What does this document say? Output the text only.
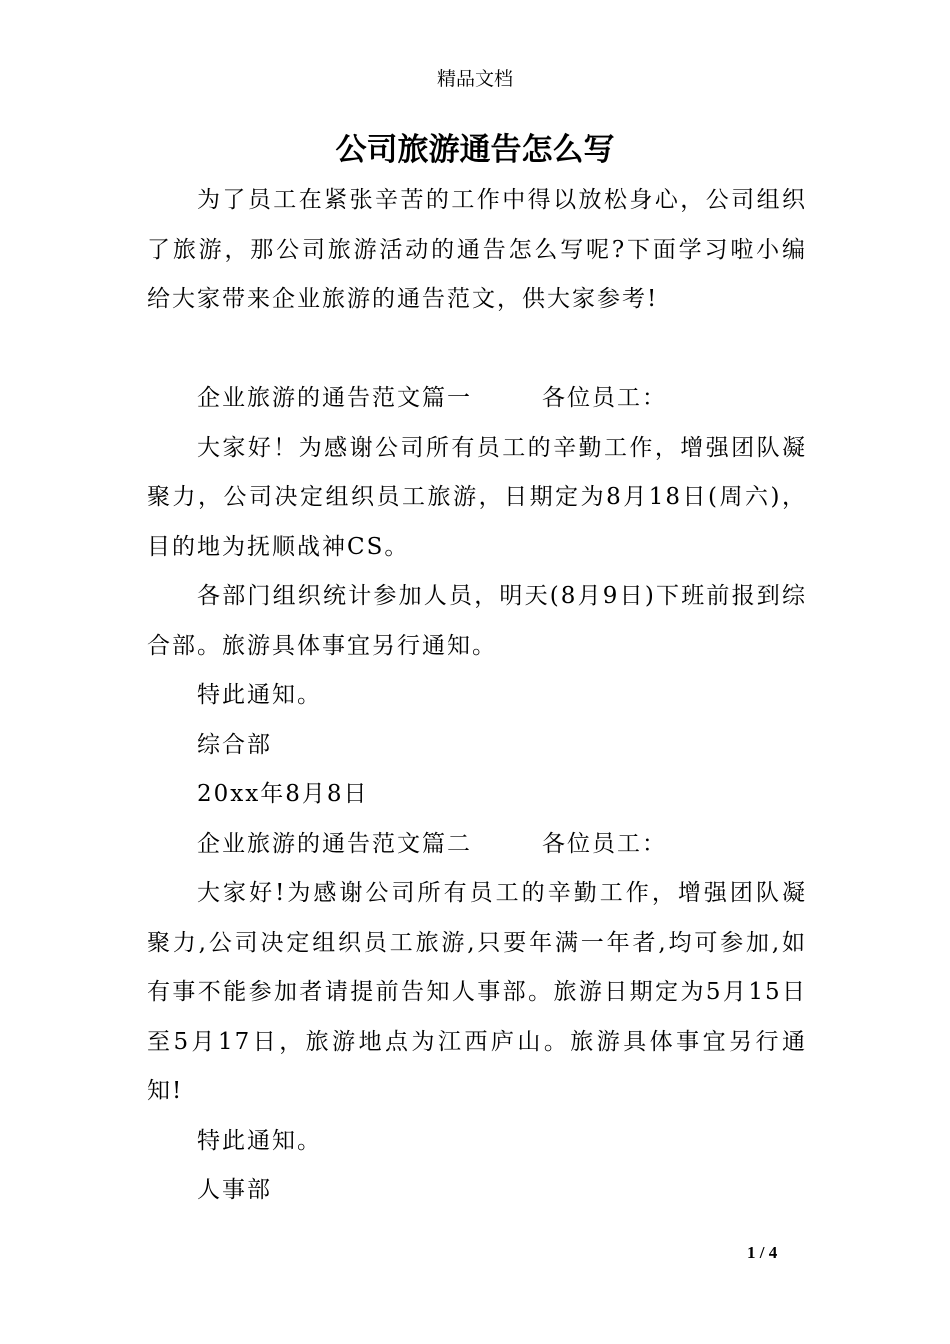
精品文档
公司旅游通告怎么写

为了员工在紧张辛苦的工作中得以放松身心，公司组织了旅游，那公司旅游活动的通告怎么写呢?下面学习啦小编给大家带来企业旅游的通告范文，供大家参考!

企业旅游的通告范文篇一	各位员工：

大家好！为感谢公司所有员工的辛勤工作，增强团队凝聚力，公司决定组织员工旅游，日期定为8月18日(周六)，目的地为抚顺战神CS。

各部门组织统计参加人员，明天(8月9日)下班前报到综合部。旅游具体事宜另行通知。

特此通知。

综合部

20xx年8月8日

企业旅游的通告范文篇二	各位员工：

大家好!为感谢公司所有员工的辛勤工作，增强团队凝聚力,公司决定组织员工旅游,只要年满一年者,均可参加,如有事不能参加者请提前告知人事部。旅游日期定为5月15日至5月17日，旅游地点为江西庐山。旅游具体事宜另行通知!

特此通知。

人事部

1 / 4
